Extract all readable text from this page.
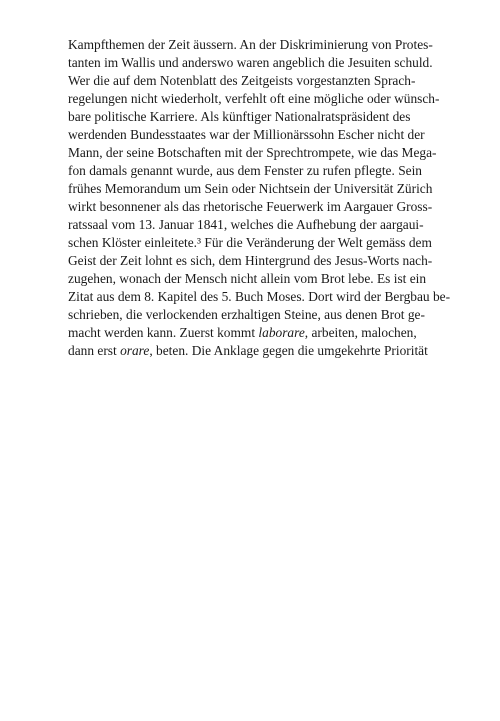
Kampfthemen der Zeit äussern. An der Diskriminierung von Protes-
tanten im Wallis und anderswo waren angeblich die Jesuiten schuld.
Wer die auf dem Notenblatt des Zeitgeists vorgestanzten Sprach-
regelungen nicht wiederholt, verfehlt oft eine mögliche oder wünsch-
bare politische Karriere. Als künftiger Nationalratspräsident des
werdenden Bundesstaates war der Millionärssohn Escher nicht der
Mann, der seine Botschaften mit der Sprechtrompete, wie das Mega-
fon damals genannt wurde, aus dem Fenster zu rufen pflegte. Sein
frühes Memorandum um Sein oder Nichtsein der Universität Zürich
wirkt besonnener als das rhetorische Feuerwerk im Aargauer Gross-
ratssaal vom 13. Januar 1841, welches die Aufhebung der aargaui-
schen Klöster einleitete.³ Für die Veränderung der Welt gemäss dem
Geist der Zeit lohnt es sich, dem Hintergrund des Jesus-Worts nach-
zugehen, wonach der Mensch nicht allein vom Brot lebe. Es ist ein
Zitat aus dem 8. Kapitel des 5. Buch Moses. Dort wird der Bergbau be-
schrieben, die verlockenden erzhaltigen Steine, aus denen Brot ge-
macht werden kann. Zuerst kommt laborare, arbeiten, malochen,
dann erst orare, beten. Die Anklage gegen die umgekehrte Priorität
